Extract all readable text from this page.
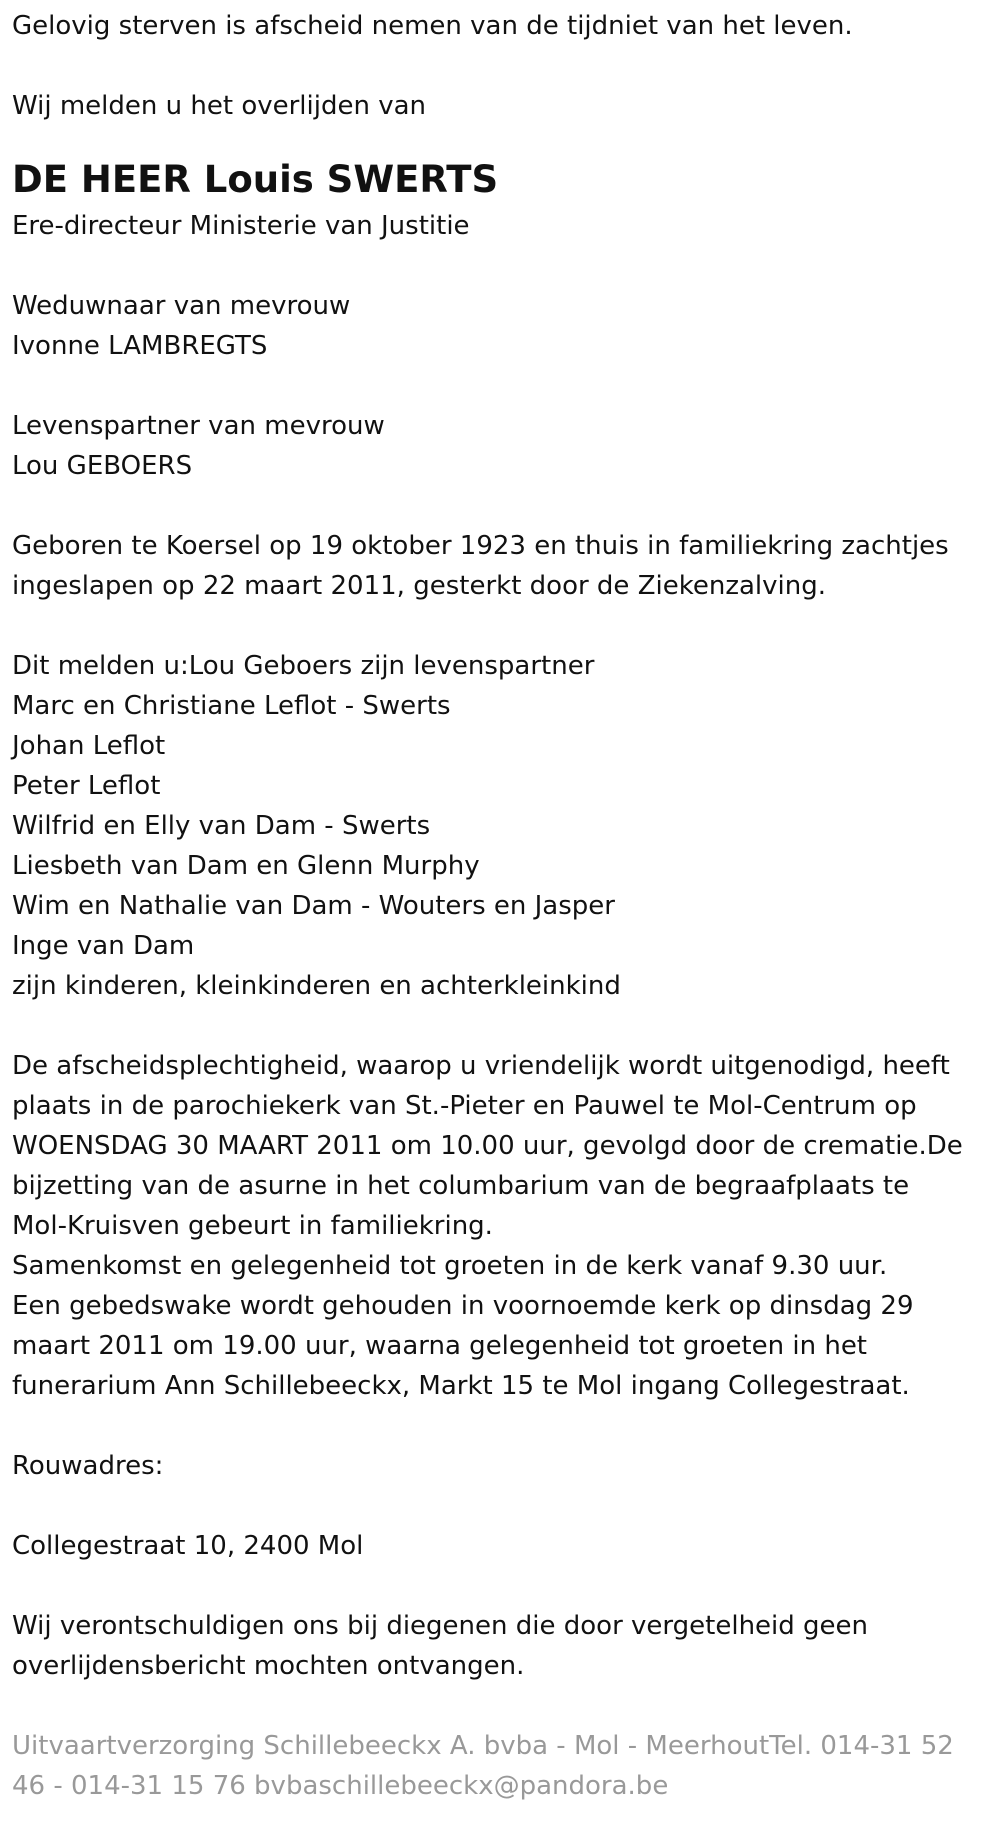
Gelovig sterven is afscheid nemen van de tijdniet van het leven.

Wij melden u het overlijden van

DE HEER Louis SWERTS

Ere-directeur Ministerie van Justitie

Weduwnaar van mevrouw

Ivonne LAMBREGTS

Levenspartner van mevrouw

Lou GEBOERS

Geboren te Koersel op 19 oktober 1923 en thuis in familiekring zachtjes

ingeslapen op 22 maart 2011, gesterkt door de Ziekenzalving.

Dit melden u:Lou Geboers zijn levenspartner

Marc en Christiane Leflot - Swerts

Johan Leflot

Peter Leflot

Wilfrid en Elly van Dam - Swerts

Liesbeth van Dam en Glenn Murphy

Wim en Nathalie van Dam - Wouters en Jasper

Inge van Dam

zijn kinderen, kleinkinderen en achterkleinkind

De afscheidsplechtigheid, waarop u vriendelijk wordt uitgenodigd, heeft

plaats in de parochiekerk van St.-Pieter en Pauwel te Mol-Centrum op

WOENSDAG 30 MAART 2011 om 10.00 uur, gevolgd door de crematie.De

bijzetting van de asurne in het columbarium van de begraafplaats te

Mol-Kruisven gebeurt in familiekring.

Samenkomst en gelegenheid tot groeten in de kerk vanaf 9.30 uur.

Een gebedswake wordt gehouden in voornoemde kerk op dinsdag 29

maart 2011 om 19.00 uur, waarna gelegenheid tot groeten in het

funerarium Ann Schillebeeckx, Markt 15 te Mol ingang Collegestraat.

Rouwadres:

Collegestraat 10, 2400 Mol

Wij verontschuldigen ons bij diegenen die door vergetelheid geen

overlijdensbericht mochten ontvangen.

Uitvaartverzorging Schillebeeckx A. bvba - Mol - MeerhoutTel. 014-31 52

46 - 014-31 15 76 bvbaschillebeeckx@pandora.be
